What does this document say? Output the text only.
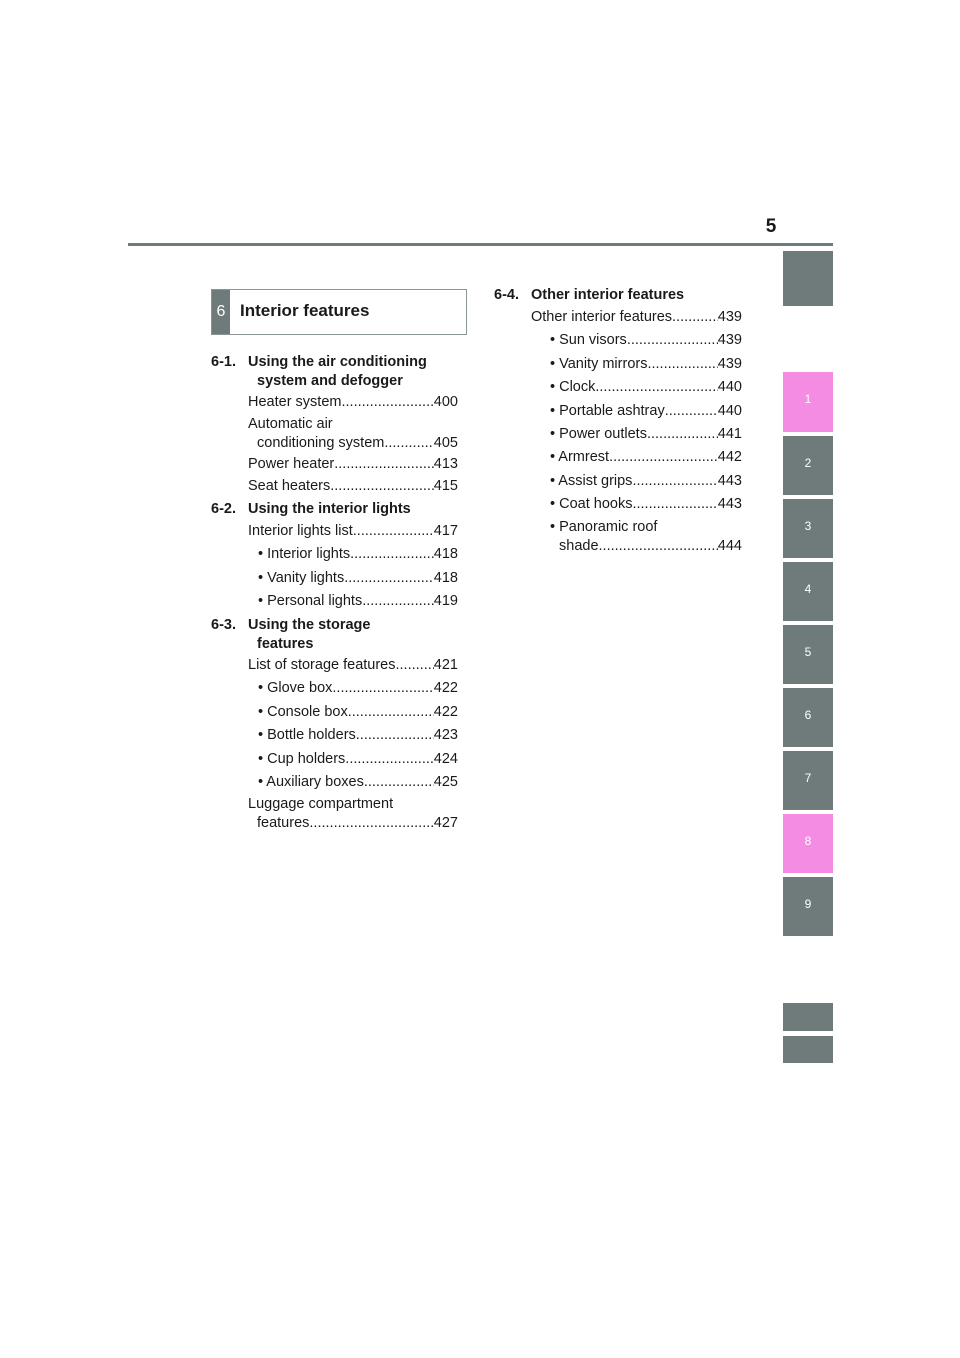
5
1
2
3
4
5
6
7
8
9
6 Interior features
6-1. Using the air conditioning
system and defogger
Heater system .....	400
Automatic air
conditioning system .....	405
Power heater .....	413
Seat heaters .....	415
6-2. Using the interior lights
Interior lights list .....	417
• Interior lights .....	418
• Vanity lights .....	418
• Personal lights .....	419
6-3. Using the storage
features
List of storage features .....	421
• Glove box .....	422
• Console box .....	422
• Bottle holders .....	423
• Cup holders .....	424
• Auxiliary boxes .....	425
Luggage compartment
features .....	427
6-4. Other interior features
Other interior features .....	439
• Sun visors .....	439
• Vanity mirrors .....	439
• Clock .....	440
• Portable ashtray .....	440
• Power outlets .....	441
• Armrest .....	442
• Assist grips .....	443
• Coat hooks .....	443
• Panoramic roof
shade .....	444
